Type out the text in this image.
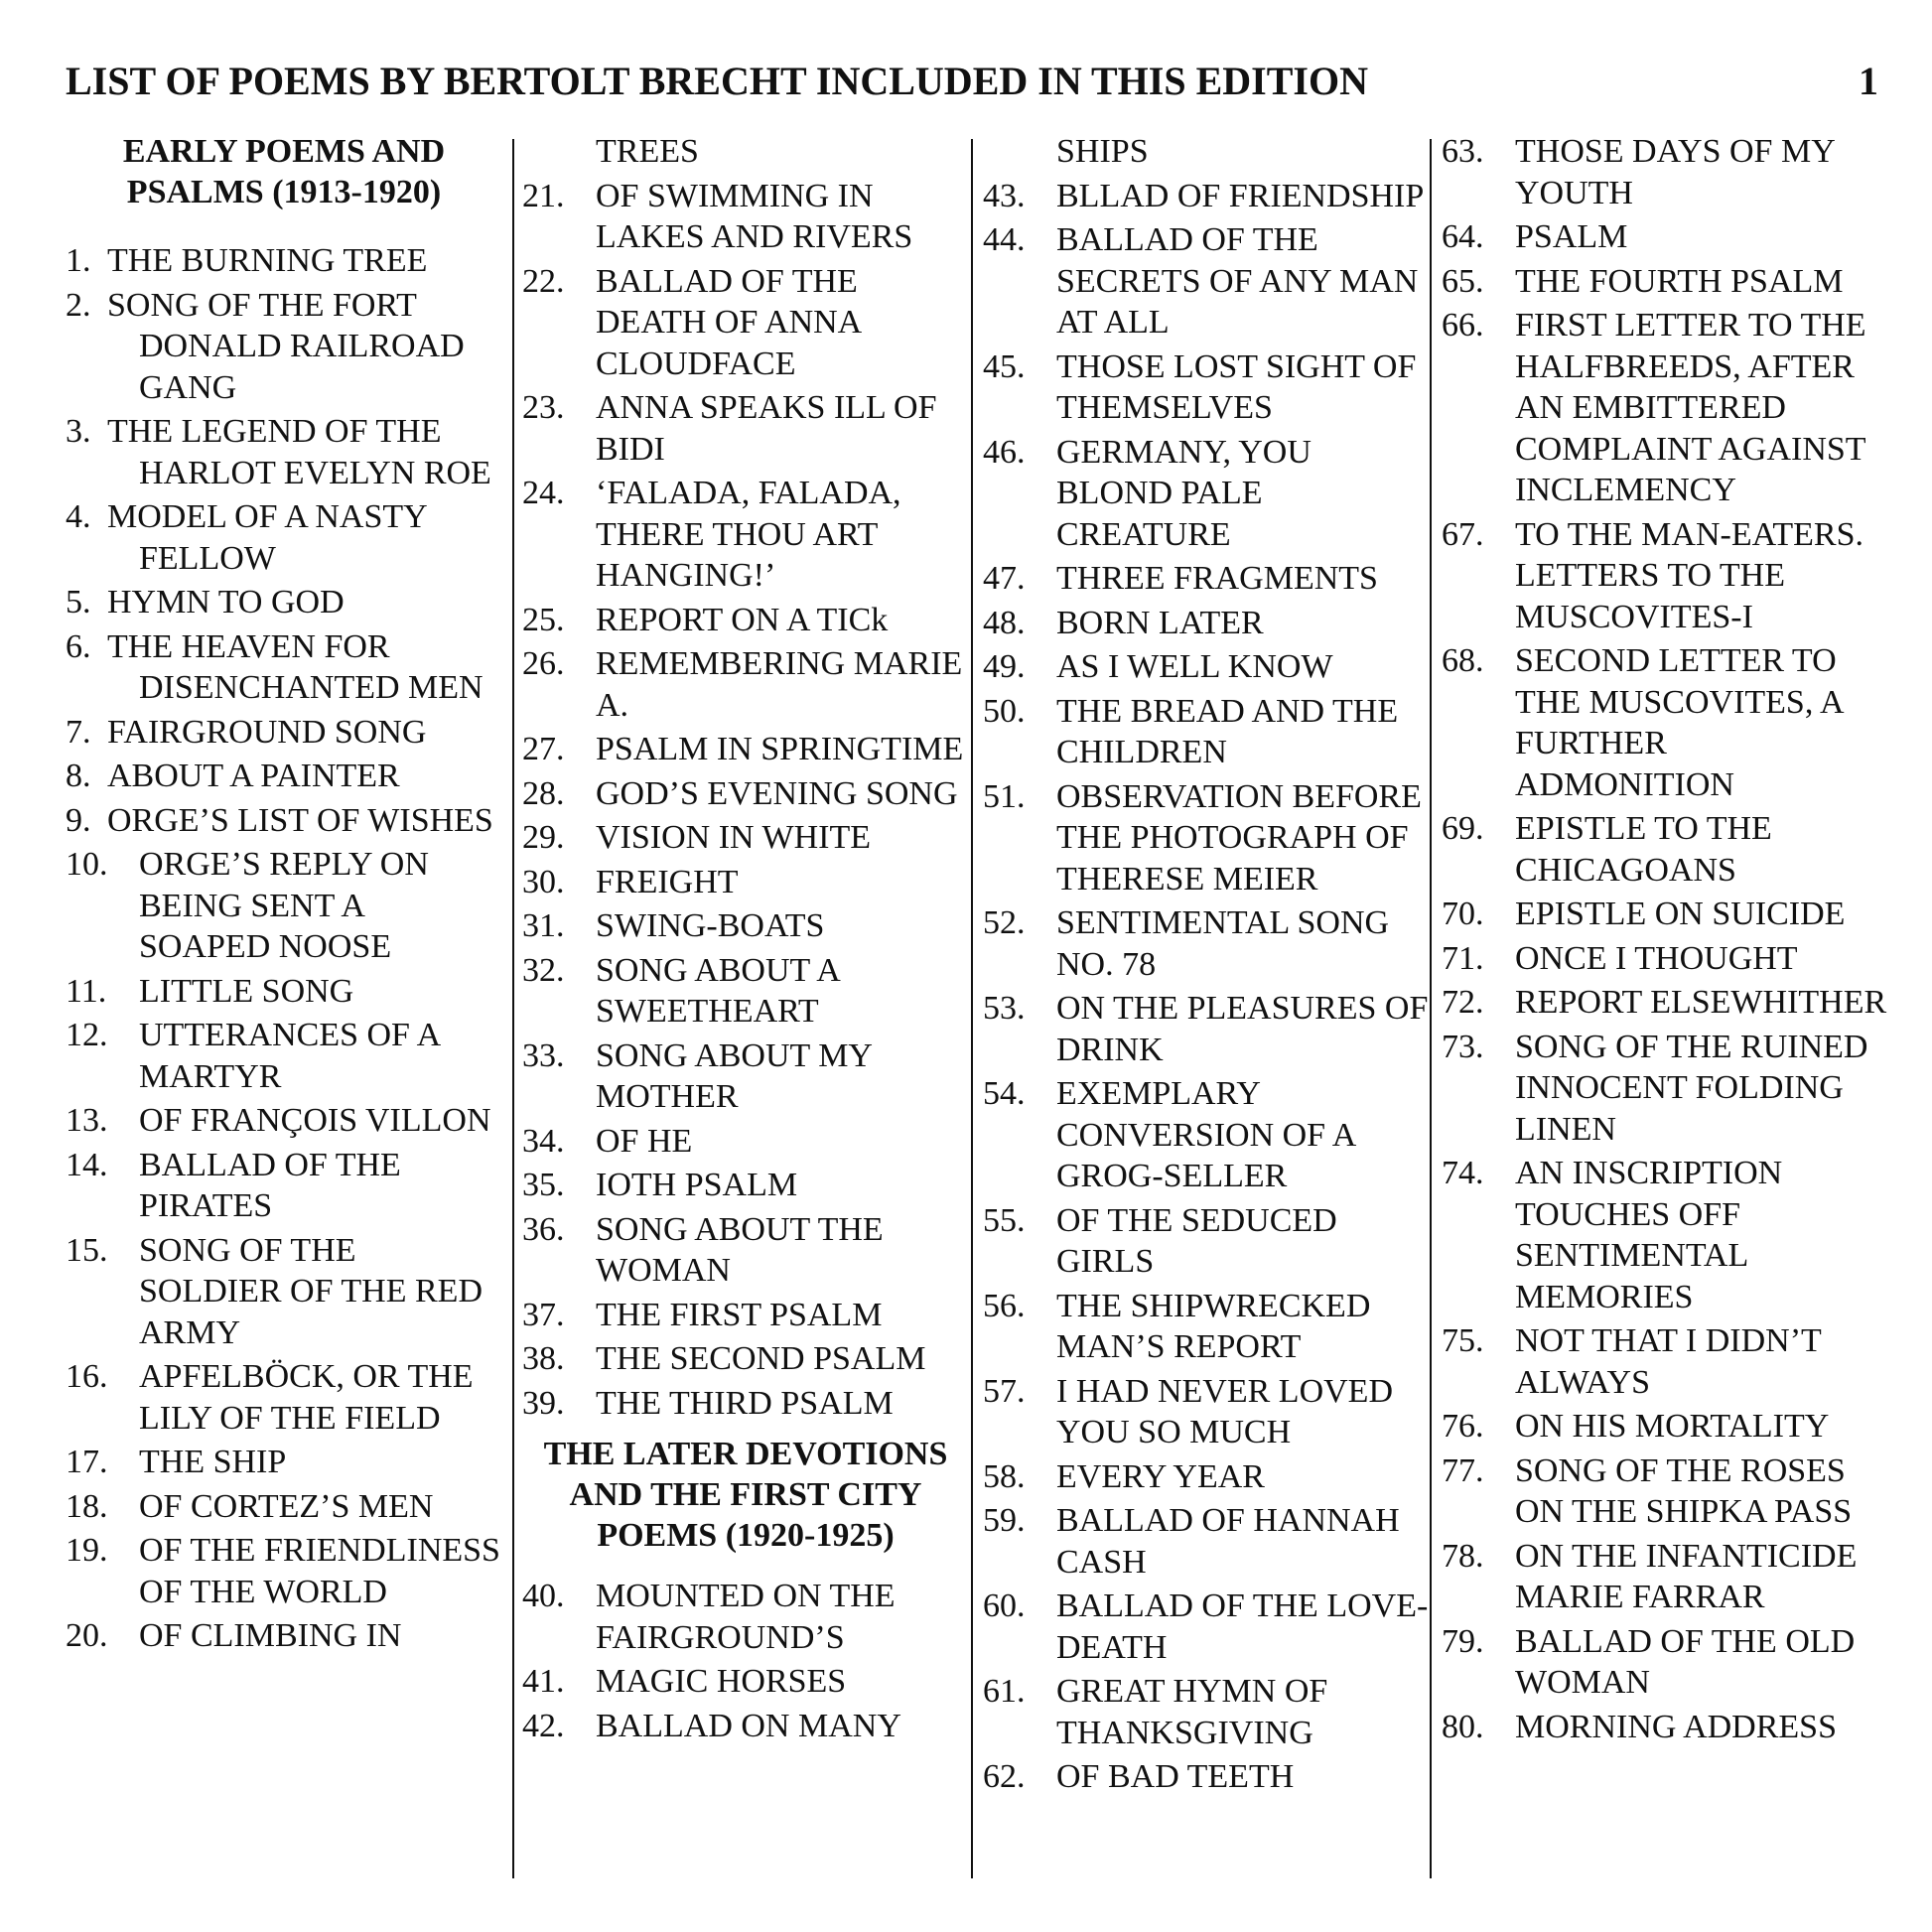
LIST OF POEMS BY BERTOLT BRECHT INCLUDED IN THIS EDITION	1
EARLY POEMS AND
PSALMS (1913-1920)
1. THE BURNING TREE
2. SONG OF THE FORT DONALD RAILROAD GANG
3. THE LEGEND OF THE HARLOT EVELYN ROE
4. MODEL OF A NASTY FELLOW
5. HYMN TO GOD
6. THE HEAVEN FOR DISENCHANTED MEN
7. FAIRGROUND SONG
8. ABOUT A PAINTER
9. ORGE’S LIST OF WISHES
10. ORGE’S REPLY ON BEING SENT A SOAPED NOOSE
11. LITTLE SONG
12. UTTERANCES OF A MARTYR
13. OF FRANÇOIS VILLON
14. BALLAD OF THE PIRATES
15. SONG OF THE SOLDIER OF THE RED ARMY
16. APFELBÖCK, OR THE LILY OF THE FIELD
17. THE SHIP
18. OF CORTEZ’S MEN
19. OF THE FRIENDLINESS OF THE WORLD
20. OF CLIMBING IN
TREES
21. OF SWIMMING IN LAKES AND RIVERS
22. BALLAD OF THE DEATH OF ANNA CLOUDFACE
23. ANNA SPEAKS ILL OF BIDI
24. ‘FALADA, FALADA, THERE THOU ART HANGING!’
25. REPORT ON A TICk
26. REMEMBERING MARIE A.
27. PSALM IN SPRINGTIME
28. GOD’S EVENING SONG
29. VISION IN WHITE
30. FREIGHT
31. SWING-BOATS
32. SONG ABOUT A SWEETHEART
33. SONG ABOUT MY MOTHER
34. OF HE
35. IOTH PSALM
36. SONG ABOUT THE WOMAN
37. THE FIRST PSALM
38. THE SECOND PSALM
39. THE THIRD PSALM
THE LATER DEVOTIONS
AND THE FIRST CITY
POEMS (1920-1925)
40. MOUNTED ON THE FAIRGROUND’S
41. MAGIC HORSES
42. BALLAD ON MANY
SHIPS
43. BLLAD OF FRIENDSHIP
44. BALLAD OF THE SECRETS OF ANY MAN AT ALL
45. THOSE LOST SIGHT OF THEMSELVES
46. GERMANY, YOU BLOND PALE CREATURE
47. THREE FRAGMENTS
48. BORN LATER
49. AS I WELL KNOW
50. THE BREAD AND THE CHILDREN
51. OBSERVATION BEFORE THE PHOTOGRAPH OF THERESE MEIER
52. SENTIMENTAL SONG NO. 78
53. ON THE PLEASURES OF DRINK
54. EXEMPLARY CONVERSION OF A GROG-SELLER
55. OF THE SEDUCED GIRLS
56. THE SHIPWRECKED MAN’S REPORT
57. I HAD NEVER LOVED YOU SO MUCH
58. EVERY YEAR
59. BALLAD OF HANNAH CASH
60. BALLAD OF THE LOVE-DEATH
61. GREAT HYMN OF THANKSGIVING
62. OF BAD TEETH
63. THOSE DAYS OF MY YOUTH
64. PSALM
65. THE FOURTH PSALM
66. FIRST LETTER TO THE HALFBREEDS, AFTER AN EMBITTERED COMPLAINT AGAINST INCLEMENCY
67. TO THE MAN-EATERS. LETTERS TO THE MUSCOVITES-I
68. SECOND LETTER TO THE MUSCOVITES, A FURTHER ADMONITION
69. EPISTLE TO THE CHICAGOANS
70. EPISTLE ON SUICIDE
71. ONCE I THOUGHT
72. REPORT ELSEWHITHER
73. SONG OF THE RUINED INNOCENT FOLDING LINEN
74. AN INSCRIPTION TOUCHES OFF SENTIMENTAL MEMORIES
75. NOT THAT I DIDN’T ALWAYS
76. ON HIS MORTALITY
77. SONG OF THE ROSES ON THE SHIPKA PASS
78. ON THE INFANTICIDE MARIE FARRAR
79. BALLAD OF THE OLD WOMAN
80. MORNING ADDRESS
